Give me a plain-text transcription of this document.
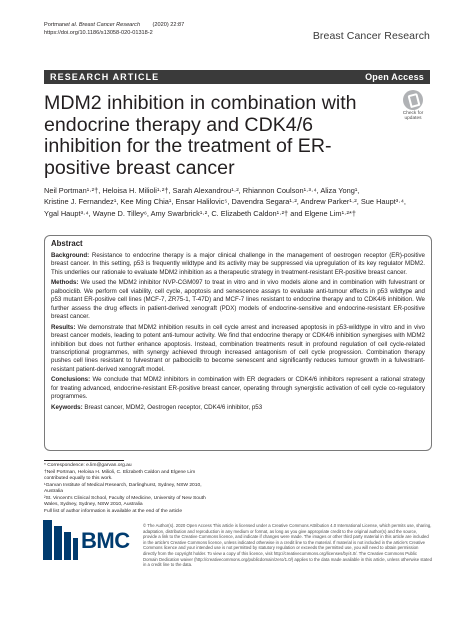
Portman et al. Breast Cancer Research
(2020) 22:87
https://doi.org/10.1186/s13058-020-01318-2	Breast Cancer Research
RESEARCH ARTICLE	Open Access
MDM2 inhibition in combination with endocrine therapy and CDK4/6 inhibition for the treatment of ER-positive breast cancer
Check for
updates
Neil Portman¹·²†, Heloisa H. Milioli¹·²†, Sarah Alexandrou¹·², Rhiannon Coulson¹·³·⁴, Aliza Yong¹,
Kristine J. Fernandez¹, Kee Ming Chia¹, Ensar Halilovic⁵, Davendra Segara¹·², Andrew Parker¹·², Sue Haupt³·⁴,
Ygal Haupt³·⁴, Wayne D. Tilley⁶, Amy Swarbrick¹·², C. Elizabeth Caldon¹·²† and Elgene Lim¹·²*†
Abstract

Background: Resistance to endocrine therapy is a major clinical challenge in the management of oestrogen receptor (ER)-positive breast cancer. In this setting, p53 is frequently wildtype and its activity may be suppressed via upregulation of its key regulator MDM2. This underlies our rationale to evaluate MDM2 inhibition as a therapeutic strategy in treatment-resistant ER-positive breast cancer.

Methods: We used the MDM2 inhibitor NVP-CGM097 to treat in vitro and in vivo models alone and in combination with fulvestrant or palbociclib. We perform cell viability, cell cycle, apoptosis and senescence assays to evaluate anti-tumour effects in p53 wildtype and p53 mutant ER-positive cell lines (MCF-7, ZR75-1, T-47D) and MCF-7 lines resistant to endocrine therapy and to CDK4/6 inhibition. We further assess the drug effects in patient-derived xenograft (PDX) models of endocrine-sensitive and endocrine-resistant ER-positive breast cancer.

Results: We demonstrate that MDM2 inhibition results in cell cycle arrest and increased apoptosis in p53-wildtype in vitro and in vivo breast cancer models, leading to potent anti-tumour activity. We find that endocrine therapy or CDK4/6 inhibition synergises with MDM2 inhibition but does not further enhance apoptosis. Instead, combination treatments result in profound regulation of cell cycle-related transcriptional programmes, with synergy achieved through increased antagonism of cell cycle progression. Combination therapy pushes cell lines resistant to fulvestrant or palbociclib to become senescent and significantly reduces tumour growth in a fulvestrant-resistant patient-derived xenograft model.

Conclusions: We conclude that MDM2 inhibitors in combination with ER degraders or CDK4/6 inhibitors represent a rational strategy for treating advanced, endocrine-resistant ER-positive breast cancer, operating through synergistic activation of cell cycle co-regulatory programmes.

Keywords: Breast cancer, MDM2, Oestrogen receptor, CDK4/6 inhibitor, p53

* Correspondence: e.lim@garvan.org.au
†Neil Portman, Heloisa H. Milioli, C. Elizabeth Caldon and Elgene Lim
contributed equally to this work.
¹Garvan Institute of Medical Research, Darlinghurst, Sydney, NSW 2010,
Australia
²St. Vincent's Clinical School, Faculty of Medicine, University of New South
Wales, Sydney, Sydney, NSW 2010, Australia
Full list of author information is available at the end of the article
BMC
© The Author(s). 2020 Open Access This article is licensed under a Creative Commons Attribution 4.0 International License, which permits use, sharing, adaptation, distribution and reproduction in any medium or format, as long as you give appropriate credit to the original author(s) and the source, provide a link to the Creative Commons licence, and indicate if changes were made. The images or other third party material in this article are included in the article's Creative Commons licence, unless indicated otherwise in a credit line to the material. If material is not included in the article's Creative Commons licence and your intended use is not permitted by statutory regulation or exceeds the permitted use, you will need to obtain permission directly from the copyright holder. To view a copy of this licence, visit http://creativecommons.org/licenses/by/4.0/. The Creative Commons Public Domain Dedication waiver (http://creativecommons.org/publicdomain/zero/1.0/) applies to the data made available in this article, unless otherwise stated in a credit line to the data.
